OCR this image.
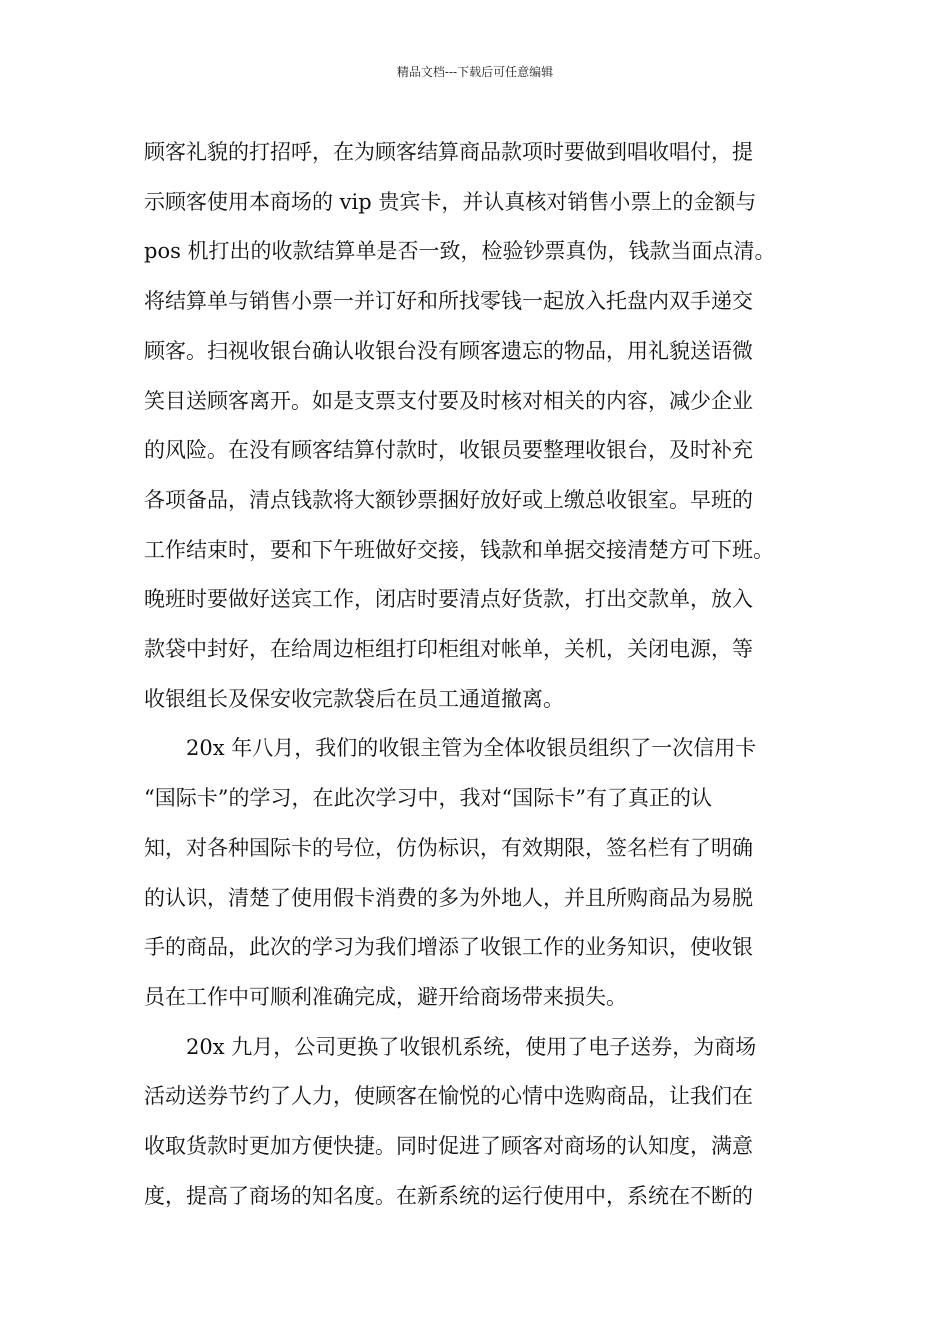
精品文档---下载后可任意编辑
顾客礼貌的打招呼，在为顾客结算商品款项时要做到唱收唱付，提
示顾客使用本商场的 vip 贵宾卡，并认真核对销售小票上的金额与
pos 机打出的收款结算单是否一致，检验钞票真伪，钱款当面点清。
将结算单与销售小票一并订好和所找零钱一起放入托盘内双手递交
顾客。扫视收银台确认收银台没有顾客遗忘的物品，用礼貌送语微
笑目送顾客离开。如是支票支付要及时核对相关的内容，减少企业
的风险。在没有顾客结算付款时，收银员要整理收银台，及时补充
各项备品，清点钱款将大额钞票捆好放好或上缴总收银室。早班的
工作结束时，要和下午班做好交接，钱款和单据交接清楚方可下班。
晚班时要做好送宾工作，闭店时要清点好货款，打出交款单，放入
款袋中封好，在给周边柜组打印柜组对帐单，关机，关闭电源，等
收银组长及保安收完款袋后在员工通道撤离。
20x 年八月，我们的收银主管为全体收银员组织了一次信用卡
“国际卡”的学习，在此次学习中，我对“国际卡”有了真正的认
知，对各种国际卡的号位，仿伪标识，有效期限，签名栏有了明确
的认识，清楚了使用假卡消费的多为外地人，并且所购商品为易脱
手的商品，此次的学习为我们增添了收银工作的业务知识，使收银
员在工作中可顺利准确完成，避开给商场带来损失。
20x 九月，公司更换了收银机系统，使用了电子送券，为商场
活动送券节约了人力，使顾客在愉悦的心情中选购商品，让我们在
收取货款时更加方便快捷。同时促进了顾客对商场的认知度，满意
度，提高了商场的知名度。在新系统的运行使用中，系统在不断的
